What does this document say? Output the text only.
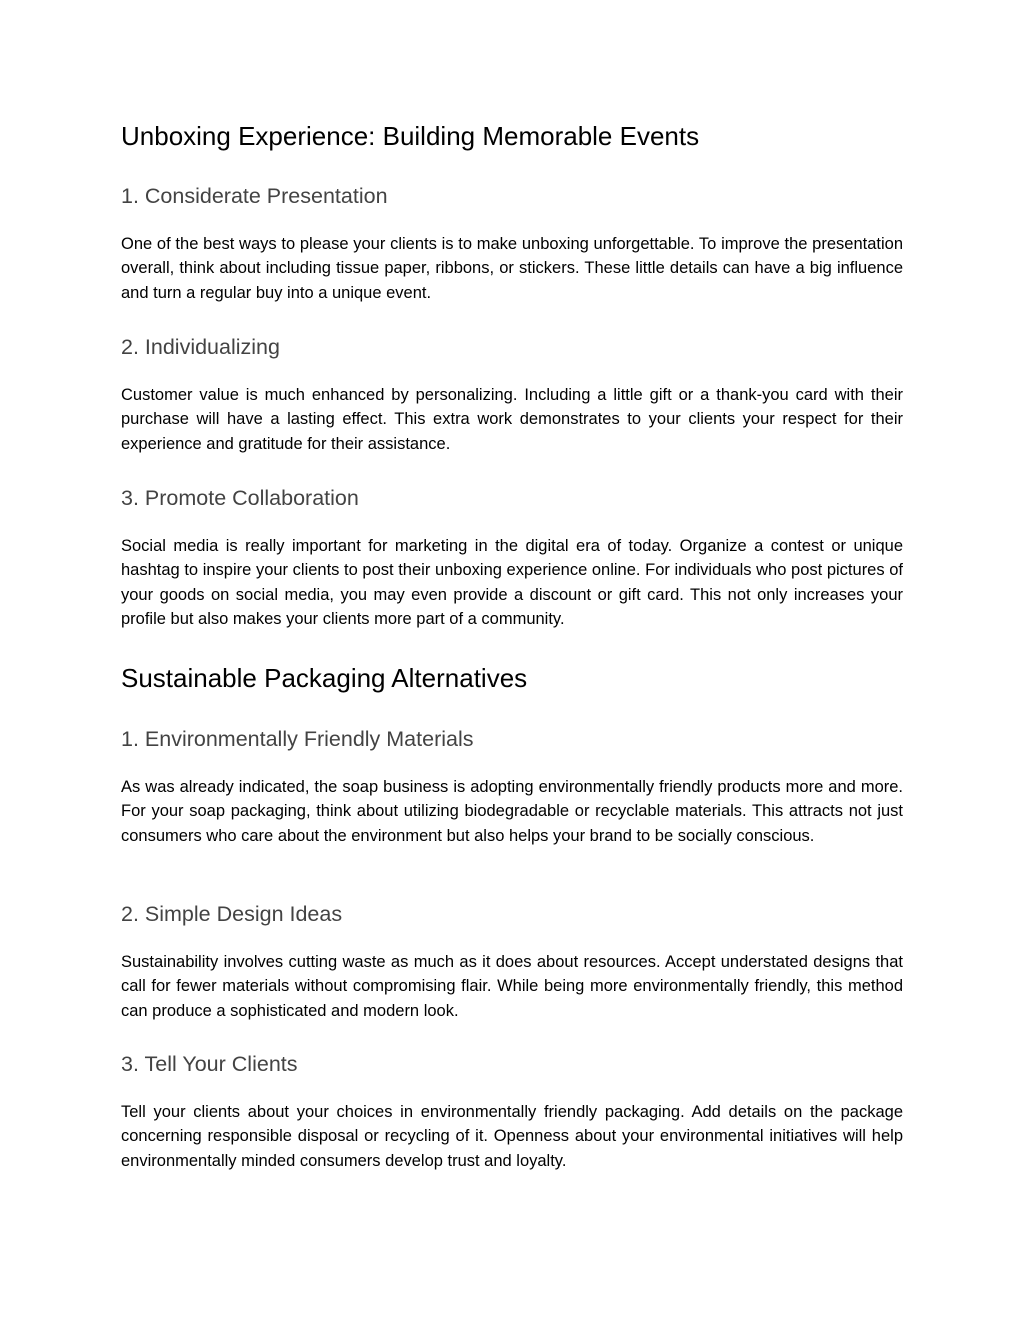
Unboxing Experience: Building Memorable Events
1. Considerate Presentation

One of the best ways to please your clients is to make unboxing unforgettable. To improve the presentation overall, think about including tissue paper, ribbons, or stickers. These little details can have a big influence and turn a regular buy into a unique event.

2. Individualizing

Customer value is much enhanced by personalizing. Including a little gift or a thank-you card with their purchase will have a lasting effect. This extra work demonstrates to your clients your respect for their experience and gratitude for their assistance.

3. Promote Collaboration

Social media is really important for marketing in the digital era of today. Organize a contest or unique hashtag to inspire your clients to post their unboxing experience online. For individuals who post pictures of your goods on social media, you may even provide a discount or gift card. This not only increases your profile but also makes your clients more part of a community.

Sustainable Packaging Alternatives
1. Environmentally Friendly Materials

As was already indicated, the soap business is adopting environmentally friendly products more and more. For your soap packaging, think about utilizing biodegradable or recyclable materials. This attracts not just consumers who care about the environment but also helps your brand to be socially conscious.

2. Simple Design Ideas

Sustainability involves cutting waste as much as it does about resources. Accept understated designs that call for fewer materials without compromising flair. While being more environmentally friendly, this method can produce a sophisticated and modern look.

3. Tell Your Clients

Tell your clients about your choices in environmentally friendly packaging. Add details on the package concerning responsible disposal or recycling of it. Openness about your environmental initiatives will help environmentally minded consumers develop trust and loyalty.
